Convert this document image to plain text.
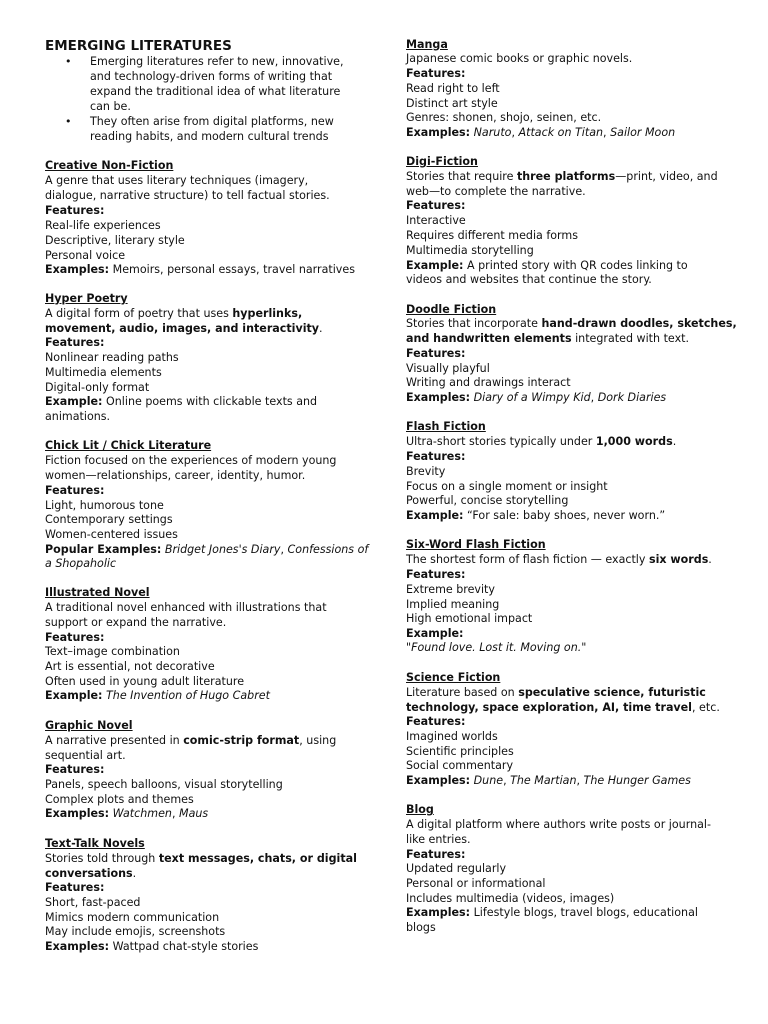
EMERGING LITERATURES
• Emerging literatures refer to new, innovative,
and technology-driven forms of writing that
expand the traditional idea of what literature
can be.
• They often arise from digital platforms, new
reading habits, and modern cultural trends
Creative Non-Fiction
A genre that uses literary techniques (imagery,
dialogue, narrative structure) to tell factual stories.
Features:
Real-life experiences
Descriptive, literary style
Personal voice
Examples: Memoirs, personal essays, travel narratives
Hyper Poetry
A digital form of poetry that uses hyperlinks,
movement, audio, images, and interactivity.
Features:
Nonlinear reading paths
Multimedia elements
Digital-only format
Example: Online poems with clickable texts and
animations.
Chick Lit / Chick Literature
Fiction focused on the experiences of modern young
women—relationships, career, identity, humor.
Features:
Light, humorous tone
Contemporary settings
Women-centered issues
Popular Examples: Bridget Jones's Diary, Confessions of
a Shopaholic
Illustrated Novel
A traditional novel enhanced with illustrations that
support or expand the narrative.
Features:
Text–image combination
Art is essential, not decorative
Often used in young adult literature
Example: The Invention of Hugo Cabret
Graphic Novel
A narrative presented in comic-strip format, using
sequential art.
Features:
Panels, speech balloons, visual storytelling
Complex plots and themes
Examples: Watchmen, Maus
Text-Talk Novels
Stories told through text messages, chats, or digital
conversations.
Features:
Short, fast-paced
Mimics modern communication
May include emojis, screenshots
Examples: Wattpad chat-style stories
Manga
Japanese comic books or graphic novels.
Features:
Read right to left
Distinct art style
Genres: shonen, shojo, seinen, etc.
Examples: Naruto, Attack on Titan, Sailor Moon
Digi-Fiction
Stories that require three platforms—print, video, and
web—to complete the narrative.
Features:
Interactive
Requires different media forms
Multimedia storytelling
Example: A printed story with QR codes linking to
videos and websites that continue the story.
Doodle Fiction
Stories that incorporate hand-drawn doodles, sketches,
and handwritten elements integrated with text.
Features:
Visually playful
Writing and drawings interact
Examples: Diary of a Wimpy Kid, Dork Diaries
Flash Fiction
Ultra-short stories typically under 1,000 words.
Features:
Brevity
Focus on a single moment or insight
Powerful, concise storytelling
Example: “For sale: baby shoes, never worn.”
Six-Word Flash Fiction
The shortest form of flash fiction — exactly six words.
Features:
Extreme brevity
Implied meaning
High emotional impact
Example:
"Found love. Lost it. Moving on."
Science Fiction
Literature based on speculative science, futuristic
technology, space exploration, AI, time travel, etc.
Features:
Imagined worlds
Scientific principles
Social commentary
Examples: Dune, The Martian, The Hunger Games
Blog
A digital platform where authors write posts or journal-
like entries.
Features:
Updated regularly
Personal or informational
Includes multimedia (videos, images)
Examples: Lifestyle blogs, travel blogs, educational
blogs
